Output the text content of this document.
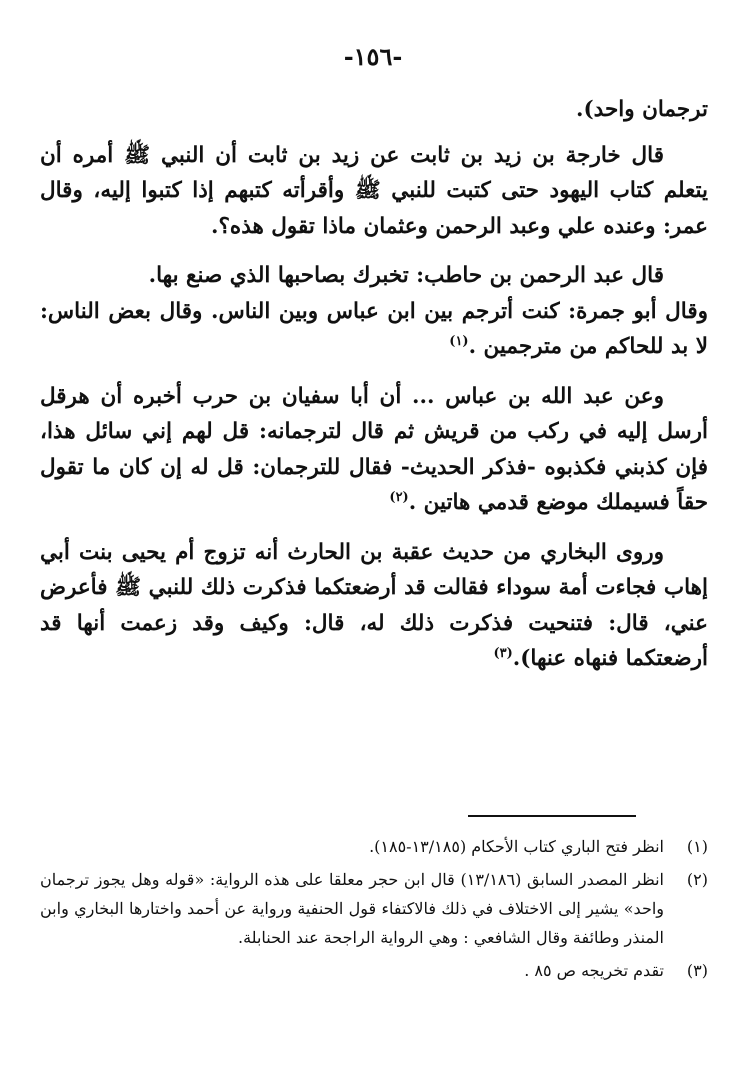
-١٥٦-

ترجمان واحد).

قال خارجة بن زيد بن ثابت عن زيد بن ثابت أن النبي ﷺ أمره أن يتعلم كتاب اليهود حتى كتبت للنبي ﷺ وأقرأته كتبهم إذا كتبوا إليه، وقال عمر: وعنده علي وعبد الرحمن وعثمان ماذا تقول هذه؟.

قال عبد الرحمن بن حاطب: تخبرك بصاحبها الذي صنع بها.

وقال أبو جمرة: كنت أترجم بين ابن عباس وبين الناس. وقال بعض الناس: لا بد للحاكم من مترجمين .$^{(١)}$

وعن عبد الله بن عباس ... أن أبا سفيان بن حرب أخبره أن هرقل أرسل إليه في ركب من قريش ثم قال لترجمانه: قل لهم إني سائل هذا، فإن كذبني فكذبوه -فذكر الحديث- فقال للترجمان: قل له إن كان ما تقول حقاً فسيملك موضع قدمي هاتين .$^{(٢)}$

وروى البخاري من حديث عقبة بن الحارث أنه تزوج أم يحيى بنت أبي إهاب فجاءت أمة سوداء فقالت قد أرضعتكما فذكرت ذلك للنبي ﷺ فأعرض عني، قال: فتنحيت فذكرت ذلك له، قال: وكيف وقد زعمت أنها قد أرضعتكما فنهاه عنها).$^{(٣)}$

(١)
انظر فتح الباري كتاب الأحكام (١٣/١٨٥-١٨٥).
(٢)
انظر المصدر السابق (١٣/١٨٦) قال ابن حجر معلقا على هذه الرواية: «قوله وهل يجوز ترجمان واحد» يشير إلى الاختلاف في ذلك فالاكتفاء قول الحنفية ورواية عن أحمد واختارها البخاري وابن المنذر وطائفة وقال الشافعي : وهي الرواية الراجحة عند الحنابلة.
(٣)
تقدم تخريجه ص ٨٥ .
